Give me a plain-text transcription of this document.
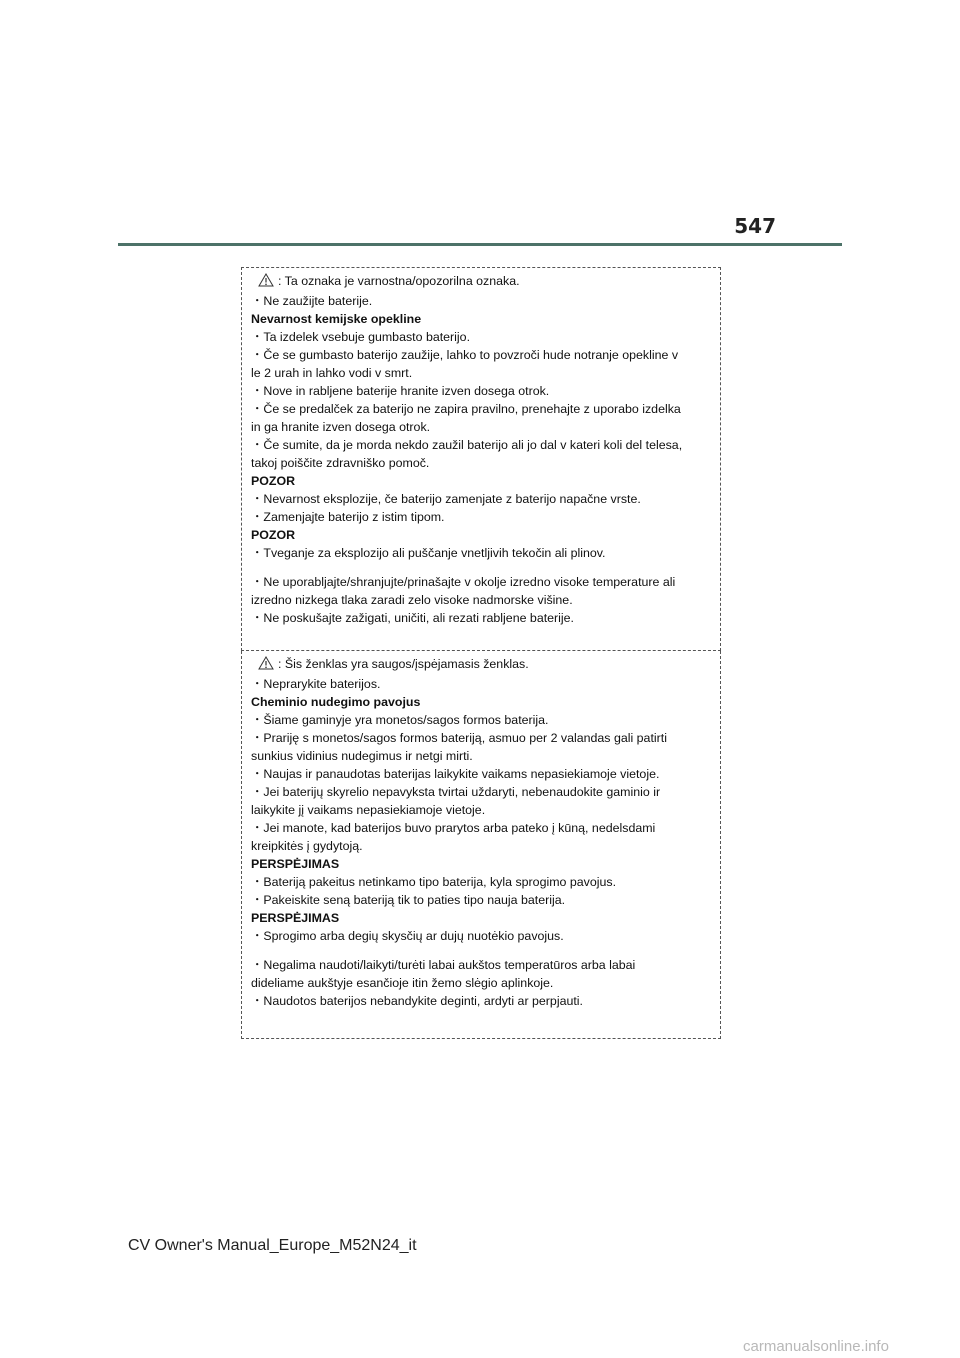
547
: Ta oznaka je varnostna/opozorilna oznaka.
・Ne zaužijte baterije.
Nevarnost kemijske opekline
・Ta izdelek vsebuje gumbasto baterijo.
・Če se gumbasto baterijo zaužije, lahko to povzroči hude notranje opekline v
le 2 urah in lahko vodi v smrt.
・Nove in rabljene baterije hranite izven dosega otrok.
・Če se predalček za baterijo ne zapira pravilno, prenehajte z uporabo izdelka
in ga hranite izven dosega otrok.
・Če sumite, da je morda nekdo zaužil baterijo ali jo dal v kateri koli del telesa,
takoj poiščite zdravniško pomoč.
POZOR
・Nevarnost eksplozije, če baterijo zamenjate z baterijo napačne vrste.
・Zamenjajte baterijo z istim tipom.
POZOR
・Tveganje za eksplozijo ali puščanje vnetljivih tekočin ali plinov.
・Ne uporabljajte/shranjujte/prinašajte v okolje izredno visoke temperature ali
izredno nizkega tlaka zaradi zelo visoke nadmorske višine.
・Ne poskušajte zažigati, uničiti, ali rezati rabljene baterije.
: Šis ženklas yra saugos/įspėjamasis ženklas.
・Neprarykite baterijos.
Cheminio nudegimo pavojus
・Šiame gaminyje yra monetos/sagos formos baterija.
・Prariję s monetos/sagos formos bateriją, asmuo per 2 valandas gali patirti
sunkius vidinius nudegimus ir netgi mirti.
・Naujas ir panaudotas baterijas laikykite vaikams nepasiekiamoje vietoje.
・Jei baterijų skyrelio nepavyksta tvirtai uždaryti, nebenaudokite gaminio ir
laikykite jį vaikams nepasiekiamoje vietoje.
・Jei manote, kad baterijos buvo prarytos arba pateko į kūną, nedelsdami
kreipkitės į gydytoją.
PERSPĖJIMAS
・Bateriją pakeitus netinkamo tipo baterija, kyla sprogimo pavojus.
・Pakeiskite seną bateriją tik to paties tipo nauja baterija.
PERSPĖJIMAS
・Sprogimo arba degių skysčių ar dujų nuotėkio pavojus.
・Negalima naudoti/laikyti/turėti labai aukštos temperatūros arba labai
dideliame aukštyje esančioje itin žemo slėgio aplinkoje.
・Naudotos baterijos nebandykite deginti, ardyti ar perpjauti.
CV Owner's Manual_Europe_M52N24_it
carmanualsonline.info
